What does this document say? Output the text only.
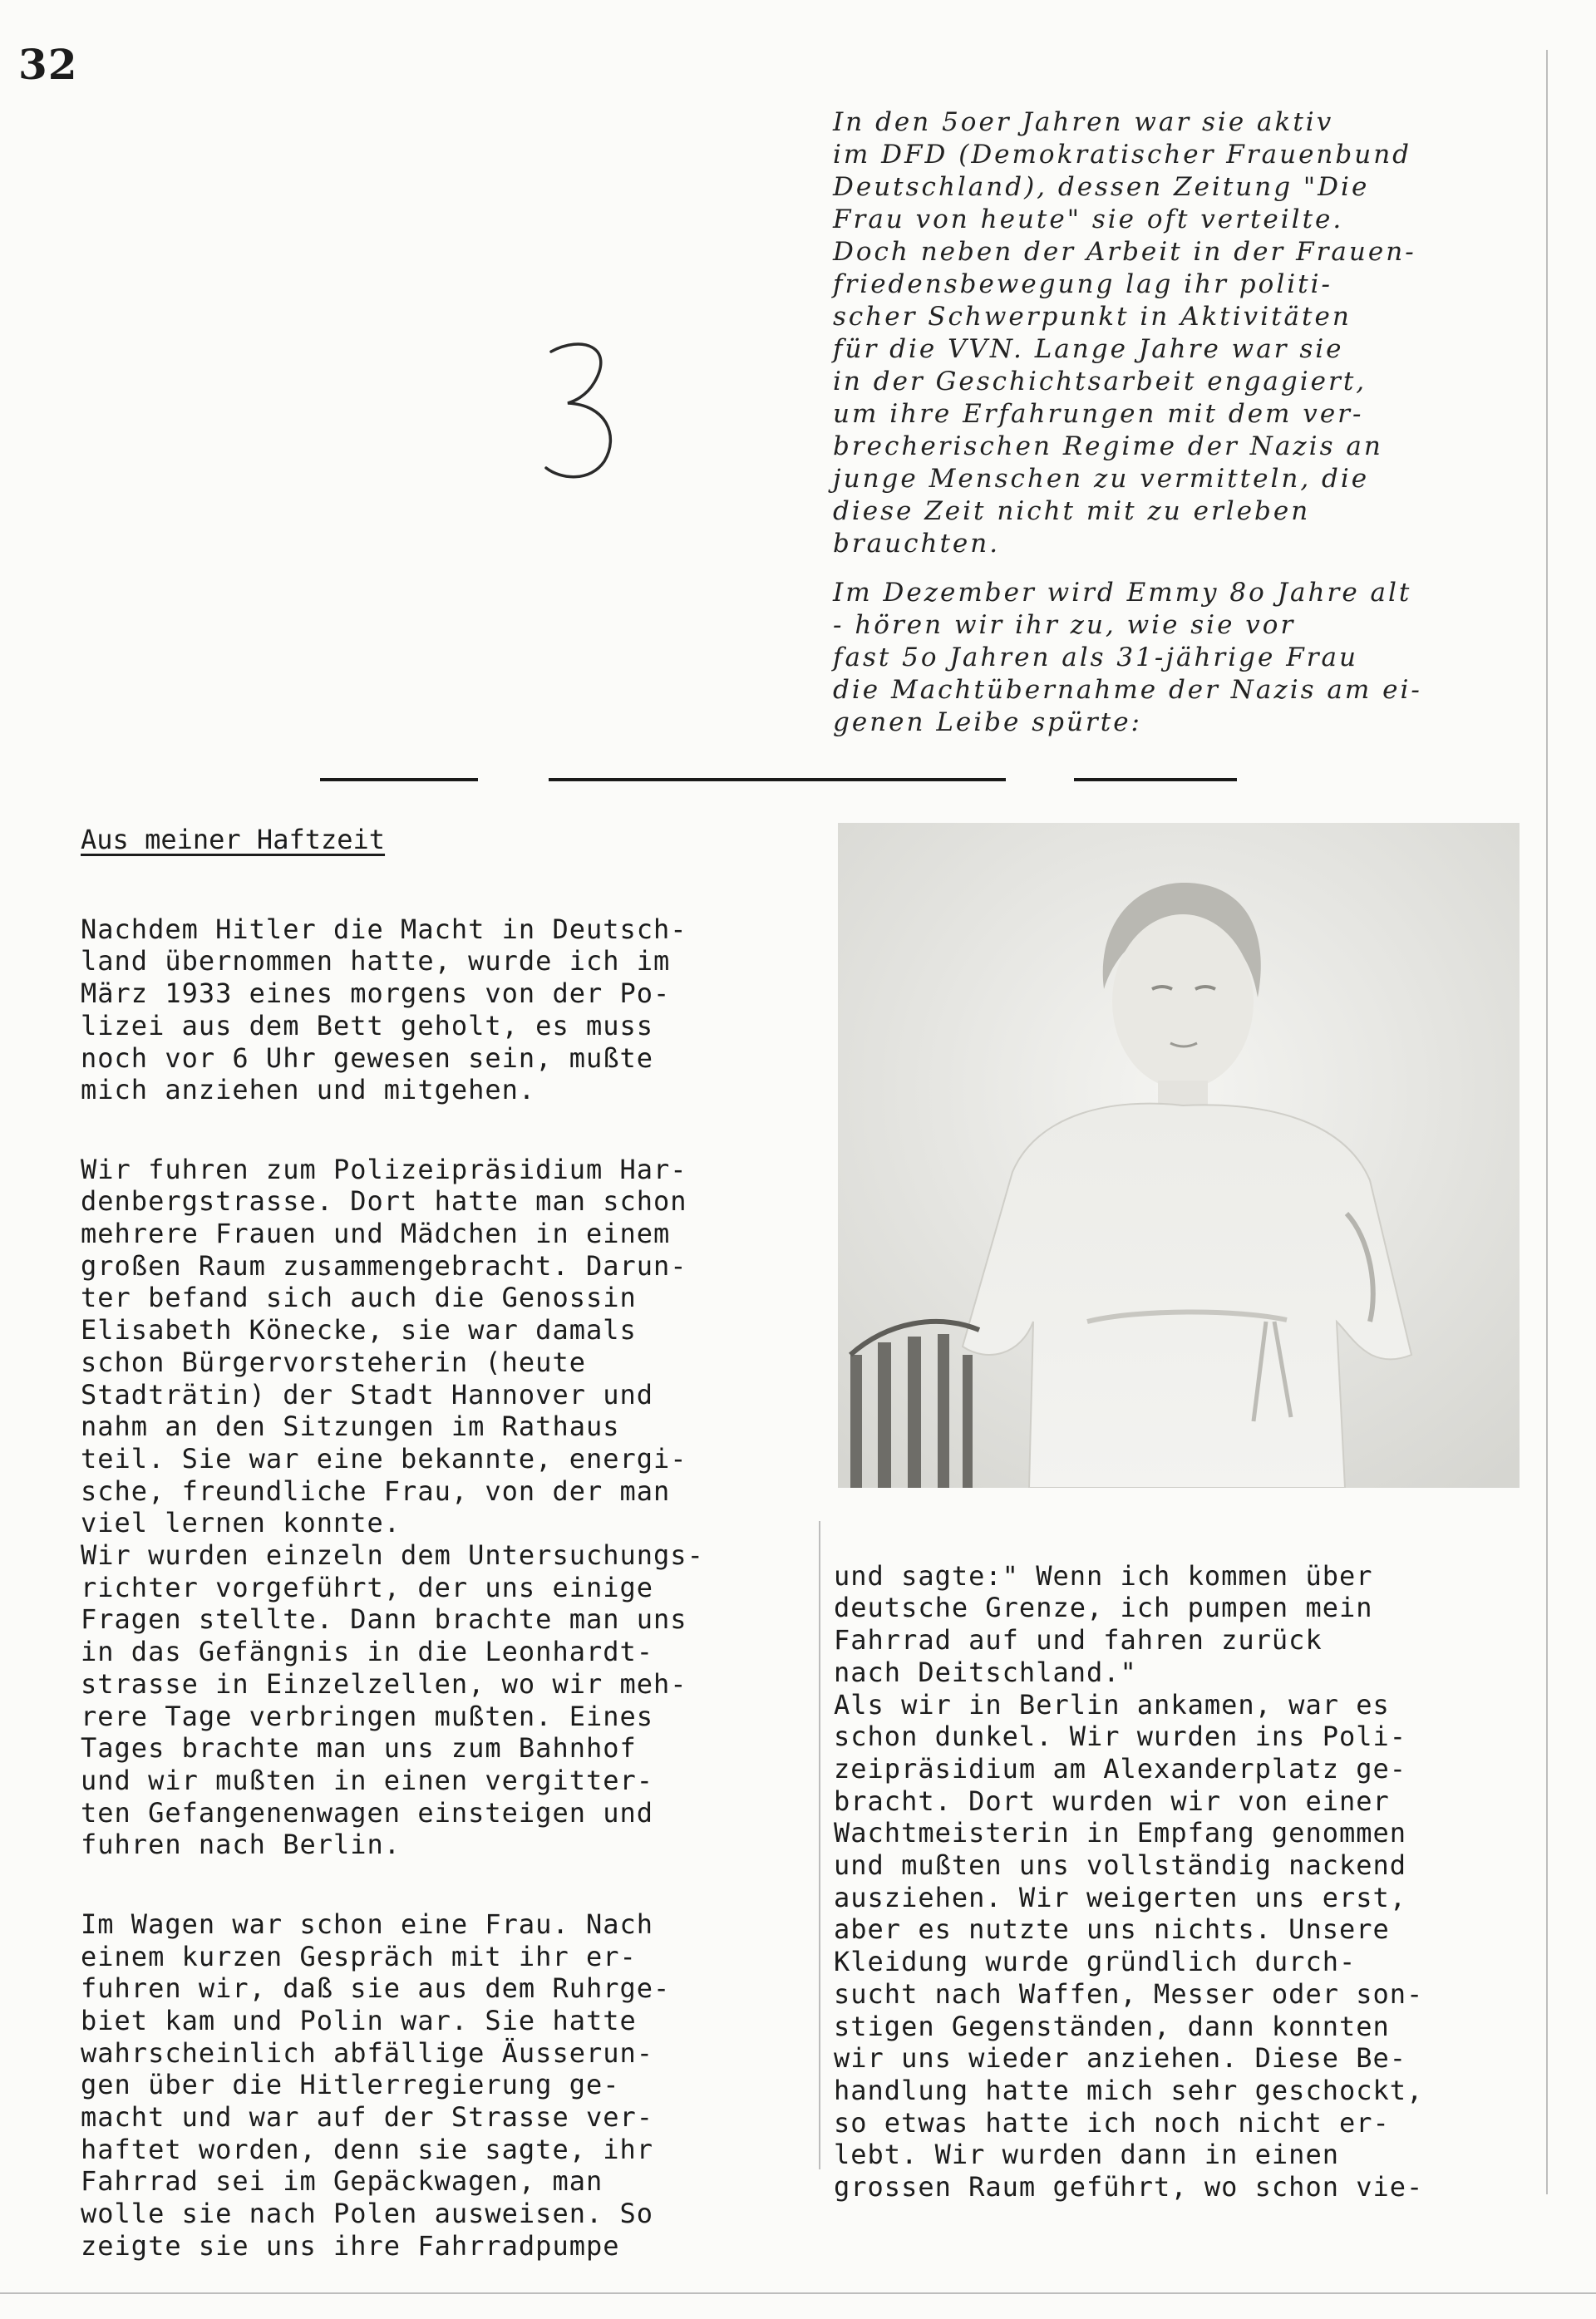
32

In den 5oer Jahren war sie aktiv
im DFD (Demokratischer Frauenbund
Deutschland), dessen Zeitung "Die
Frau von heute" sie oft verteilte.
Doch neben der Arbeit in der Frauen-
friedensbewegung lag ihr politi-
scher Schwerpunkt in Aktivitäten
für die VVN. Lange Jahre war sie
in der Geschichtsarbeit engagiert,
um ihre Erfahrungen mit dem ver-
brecherischen Regime der Nazis an
junge Menschen zu vermitteln, die
diese Zeit nicht mit zu erleben
brauchten.

Im Dezember wird Emmy 8o Jahre alt
- hören wir ihr zu, wie sie vor
fast 5o Jahren als 31-jährige Frau
die Machtübernahme der Nazis am ei-
genen Leibe spürte:

Aus meiner Haftzeit

Nachdem Hitler die Macht in Deutsch-
land übernommen hatte, wurde ich im
März 1933 eines morgens von der Po-
lizei aus dem Bett geholt, es muss
noch vor 6 Uhr gewesen sein, mußte
mich anziehen und mitgehen.

Wir fuhren zum Polizeipräsidium Har-
denbergstrasse. Dort hatte man schon
mehrere Frauen und Mädchen in einem
großen Raum zusammengebracht. Darun-
ter befand sich auch die Genossin
Elisabeth Könecke, sie war damals
schon Bürgervorsteherin (heute
Stadträtin) der Stadt Hannover und
nahm an den Sitzungen im Rathaus
teil. Sie war eine bekannte, energi-
sche, freundliche Frau, von der man
viel lernen konnte.
Wir wurden einzeln dem Untersuchungs-
richter vorgeführt, der uns einige
Fragen stellte. Dann brachte man uns
in das Gefängnis in die Leonhardt-
strasse in Einzelzellen, wo wir meh-
rere Tage verbringen mußten. Eines
Tages brachte man uns zum Bahnhof
und wir mußten in einen vergitter-
ten Gefangenenwagen einsteigen und
fuhren nach Berlin.

Im Wagen war schon eine Frau. Nach
einem kurzen Gespräch mit ihr er-
fuhren wir, daß sie aus dem Ruhrge-
biet kam und Polin war. Sie hatte
wahrscheinlich abfällige Äusserun-
gen über die Hitlerregierung ge-
macht und war auf der Strasse ver-
haftet worden, denn sie sagte, ihr
Fahrrad sei im Gepäckwagen, man
wolle sie nach Polen ausweisen. So
zeigte sie uns ihre Fahrradpumpe

und sagte:" Wenn ich kommen über
deutsche Grenze, ich pumpen mein
Fahrrad auf und fahren zurück
nach Deitschland."
Als wir in Berlin ankamen, war es
schon dunkel. Wir wurden ins Poli-
zeipräsidium am Alexanderplatz ge-
bracht. Dort wurden wir von einer
Wachtmeisterin in Empfang genommen
und mußten uns vollständig nackend
ausziehen. Wir weigerten uns erst,
aber es nutzte uns nichts. Unsere
Kleidung wurde gründlich durch-
sucht nach Waffen, Messer oder son-
stigen Gegenständen, dann konnten
wir uns wieder anziehen. Diese Be-
handlung hatte mich sehr geschockt,
so etwas hatte ich noch nicht er-
lebt. Wir wurden dann in einen
grossen Raum geführt, wo schon vie-
